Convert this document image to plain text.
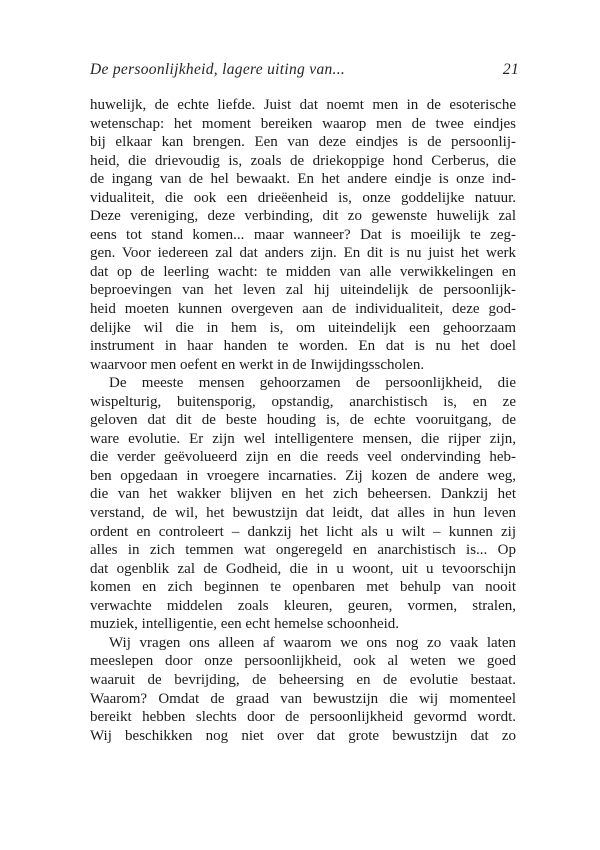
De persoonlijkheid, lagere uiting van...	21
huwelijk, de echte liefde. Juist dat noemt men in de esoterische
wetenschap: het moment bereiken waarop men de twee eindjes
bij elkaar kan brengen. Een van deze eindjes is de persoonlij-
heid, die drievoudig is, zoals de driekoppige hond Cerberus, die
de ingang van de hel bewaakt. En het andere eindje is onze ind-
vidualiteit, die ook een drieëenheid is, onze goddelijke natuur.
Deze vereniging, deze verbinding, dit zo gewenste huwelijk zal
eens tot stand komen... maar wanneer? Dat is moeilijk te zeg-
gen. Voor iedereen zal dat anders zijn. En dit is nu juist het werk
dat op de leerling wacht: te midden van alle verwikkelingen en
beproevingen van het leven zal hij uiteindelijk de persoonlijk-
heid moeten kunnen overgeven aan de individualiteit, deze god-
delijke wil die in hem is, om uiteindelijk een gehoorzaam
instrument in haar handen te worden. En dat is nu het doel
waarvoor men oefent en werkt in de Inwijdingsscholen.
De meeste mensen gehoorzamen de persoonlijkheid, die
wispelturig, buitensporig, opstandig, anarchistisch is, en ze
geloven dat dit de beste houding is, de echte vooruitgang, de
ware evolutie. Er zijn wel intelligentere mensen, die rijper zijn,
die verder geëvolueerd zijn en die reeds veel ondervinding heb-
ben opgedaan in vroegere incarnaties. Zij kozen de andere weg,
die van het wakker blijven en het zich beheersen. Dankzij het
verstand, de wil, het bewustzijn dat leidt, dat alles in hun leven
ordent en controleert – dankzij het licht als u wilt – kunnen zij
alles in zich temmen wat ongeregeld en anarchistisch is... Op
dat ogenblik zal de Godheid, die in u woont, uit u tevoorschijn
komen en zich beginnen te openbaren met behulp van nooit
verwachte middelen zoals kleuren, geuren, vormen, stralen,
muziek, intelligentie, een echt hemelse schoonheid.
Wij vragen ons alleen af waarom we ons nog zo vaak laten
meeslepen door onze persoonlijkheid, ook al weten we goed
waaruit de bevrijding, de beheersing en de evolutie bestaat.
Waarom? Omdat de graad van bewustzijn die wij momenteel
bereikt hebben slechts door de persoonlijkheid gevormd wordt.
Wij beschikken nog niet over dat grote bewustzijn dat zo
